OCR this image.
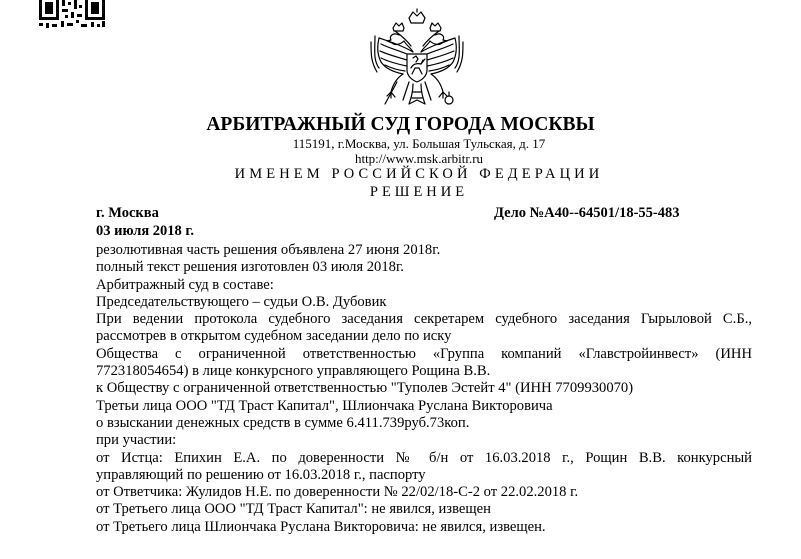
АРБИТРАЖНЫЙ СУД ГОРОДА МОСКВЫ
115191, г.Москва, ул. Большая Тульская, д. 17
http://www.msk.arbitr.ru
ИМЕНЕМ РОССИЙСКОЙ ФЕДЕРАЦИИ
РЕШЕНИЕ
г. Москва	Дело №А40--64501/18-55-483
03 июля 2018 г.
резолютивная часть решения объявлена 27 июня 2018г.
полный текст решения изготовлен 03 июля 2018г.
Арбитражный суд в составе:
Председательствующего – судьи О.В. Дубовик
При ведении протокола судебного заседания секретарем судебного заседания Гырыловой С.Б.,
рассмотрев в открытом судебном заседании дело по иску
Общества с ограниченной ответственностью «Группа компаний «Главстройинвест» (ИНН
772318054654) в лице конкурсного управляющего Рощина В.В.
к Обществу с ограниченной ответственностью "Туполев Эстейт 4" (ИНН 7709930070)
Третьи лица ООО "ТД Траст Капитал", Шлиончака Руслана Викторовича
о взыскании денежных средств в сумме 6.411.739руб.73коп.
при участии:
от Истца: Епихин Е.А. по доверенности № б/н от 16.03.2018 г., Рощин В.В. конкурсный
управляющий по решению от 16.03.2018 г., паспорту
от Ответчика: Жулидов Н.Е. по доверенности № 22/02/18-С-2 от 22.02.2018 г.
от Третьего лица ООО "ТД Траст Капитал": не явился, извещен
от Третьего лица Шлиончака Руслана Викторовича: не явился, извещен.
